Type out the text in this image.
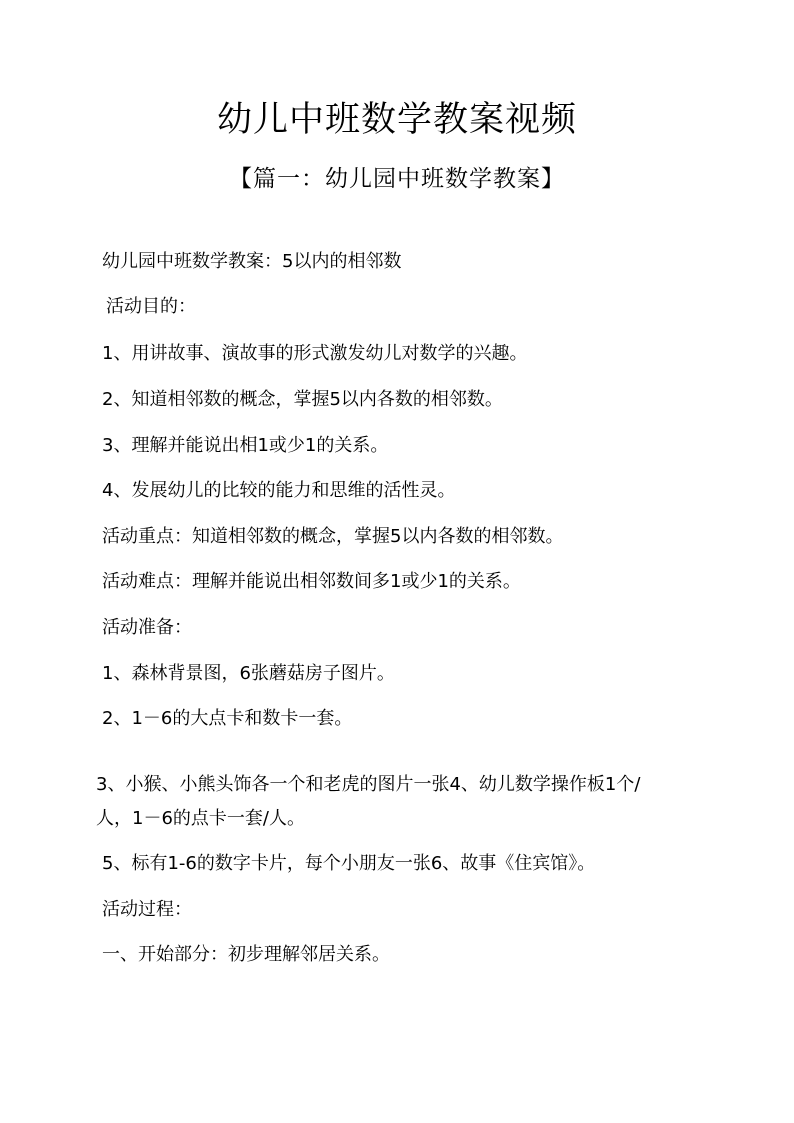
幼儿中班数学教案视频
【篇一：幼儿园中班数学教案】
幼儿园中班数学教案：5以内的相邻数
活动目的：
1、用讲故事、演故事的形式激发幼儿对数学的兴趣。
2、知道相邻数的概念，掌握5以内各数的相邻数。
3、理解并能说出相1或少1的关系。
4、发展幼儿的比较的能力和思维的活性灵。
活动重点：知道相邻数的概念，掌握5以内各数的相邻数。
活动难点：理解并能说出相邻数间多1或少1的关系。
活动准备：
1、森林背景图，6张蘑菇房子图片。
2、1－6的大点卡和数卡一套。
3、小猴、小熊头饰各一个和老虎的图片一张4、幼儿数学操作板1个/
人，1－6的点卡一套/人。
5、标有1-6的数字卡片，每个小朋友一张6、故事《住宾馆》。
活动过程：
一、开始部分：初步理解邻居关系。
